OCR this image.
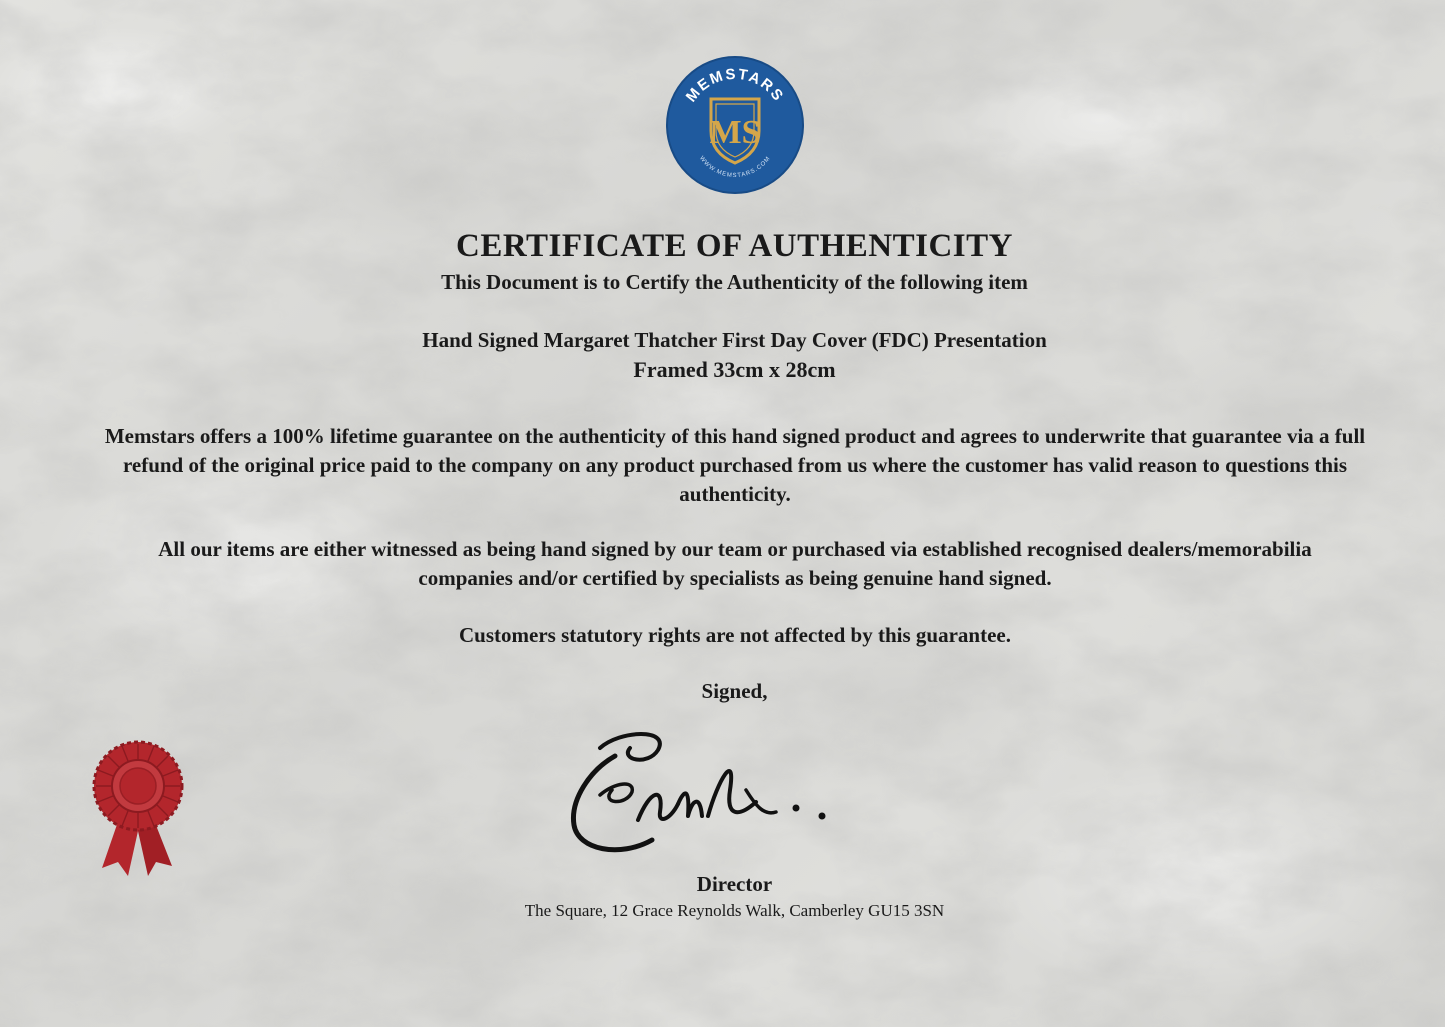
MEMSTARS
WWW.MEMSTARS.COM
MS
CERTIFICATE OF AUTHENTICITY

This Document is to Certify the Authenticity of the following item

Hand Signed Margaret Thatcher First Day Cover (FDC) Presentation

Framed 33cm x 28cm

Memstars offers a 100% lifetime guarantee on the authenticity of this hand signed product and agrees to underwrite that guarantee via a full refund of the original price paid to the company on any product purchased from us where the customer has valid reason to questions this authenticity.

All our items are either witnessed as being hand signed by our team or purchased via established recognised dealers/memorabilia companies and/or certified by specialists as being genuine hand signed.

Customers statutory rights are not affected by this guarantee.

Signed,

Director

The Square, 12 Grace Reynolds Walk, Camberley GU15 3SN
